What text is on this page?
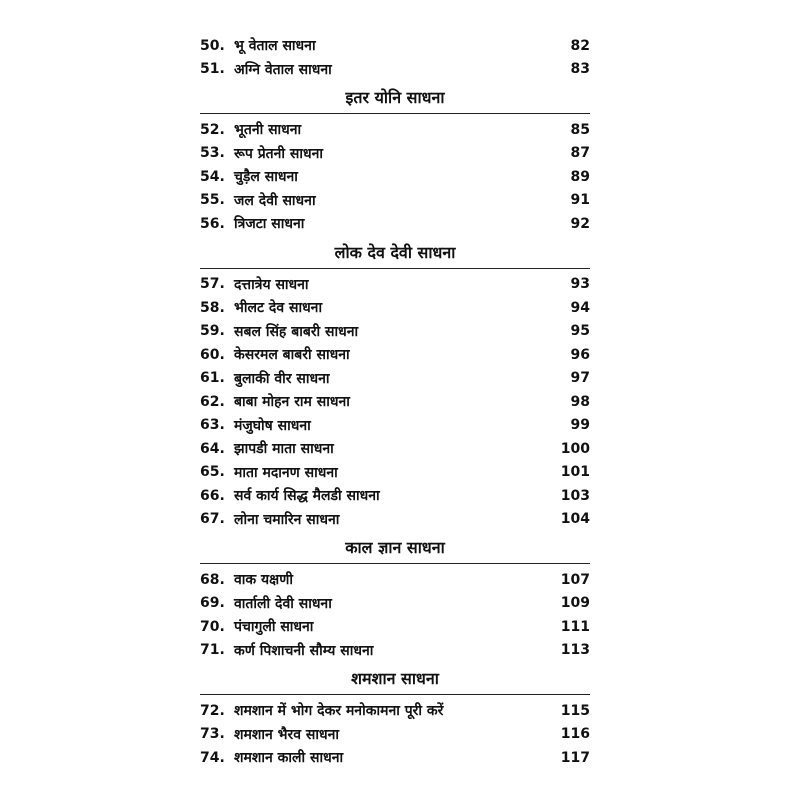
50. भू वेताल साधना	82
51. अग्नि वेताल साधना	83
इतर योनि साधना
52. भूतनी साधना	85
53. रूप प्रेतनी साधना	87
54. चुड़ैल साधना	89
55. जल देवी साधना	91
56. त्रिजटा साधना	92
लोक देव देवी साधना
57. दत्तात्रेय साधना	93
58. भीलट देव साधना	94
59. सबल सिंह बाबरी साधना	95
60. केसरमल बाबरी साधना	96
61. बुलाकी वीर साधना	97
62. बाबा मोहन राम साधना	98
63. मंजुघोष साधना	99
64. झापडी माता साधना	100
65. माता मदानण साधना	101
66. सर्व कार्य सिद्ध मैलडी साधना	103
67. लोना चमारिन साधना	104
काल ज्ञान साधना
68. वाक यक्षणी	107
69. वार्ताली देवी साधना	109
70. पंचागुली साधना	111
71. कर्ण पिशाचनी सौम्य साधना	113
शमशान साधना
72. शमशान में भोग देकर मनोकामना पूरी करें	115
73. शमशान भैरव साधना	116
74. शमशान काली साधना	117
